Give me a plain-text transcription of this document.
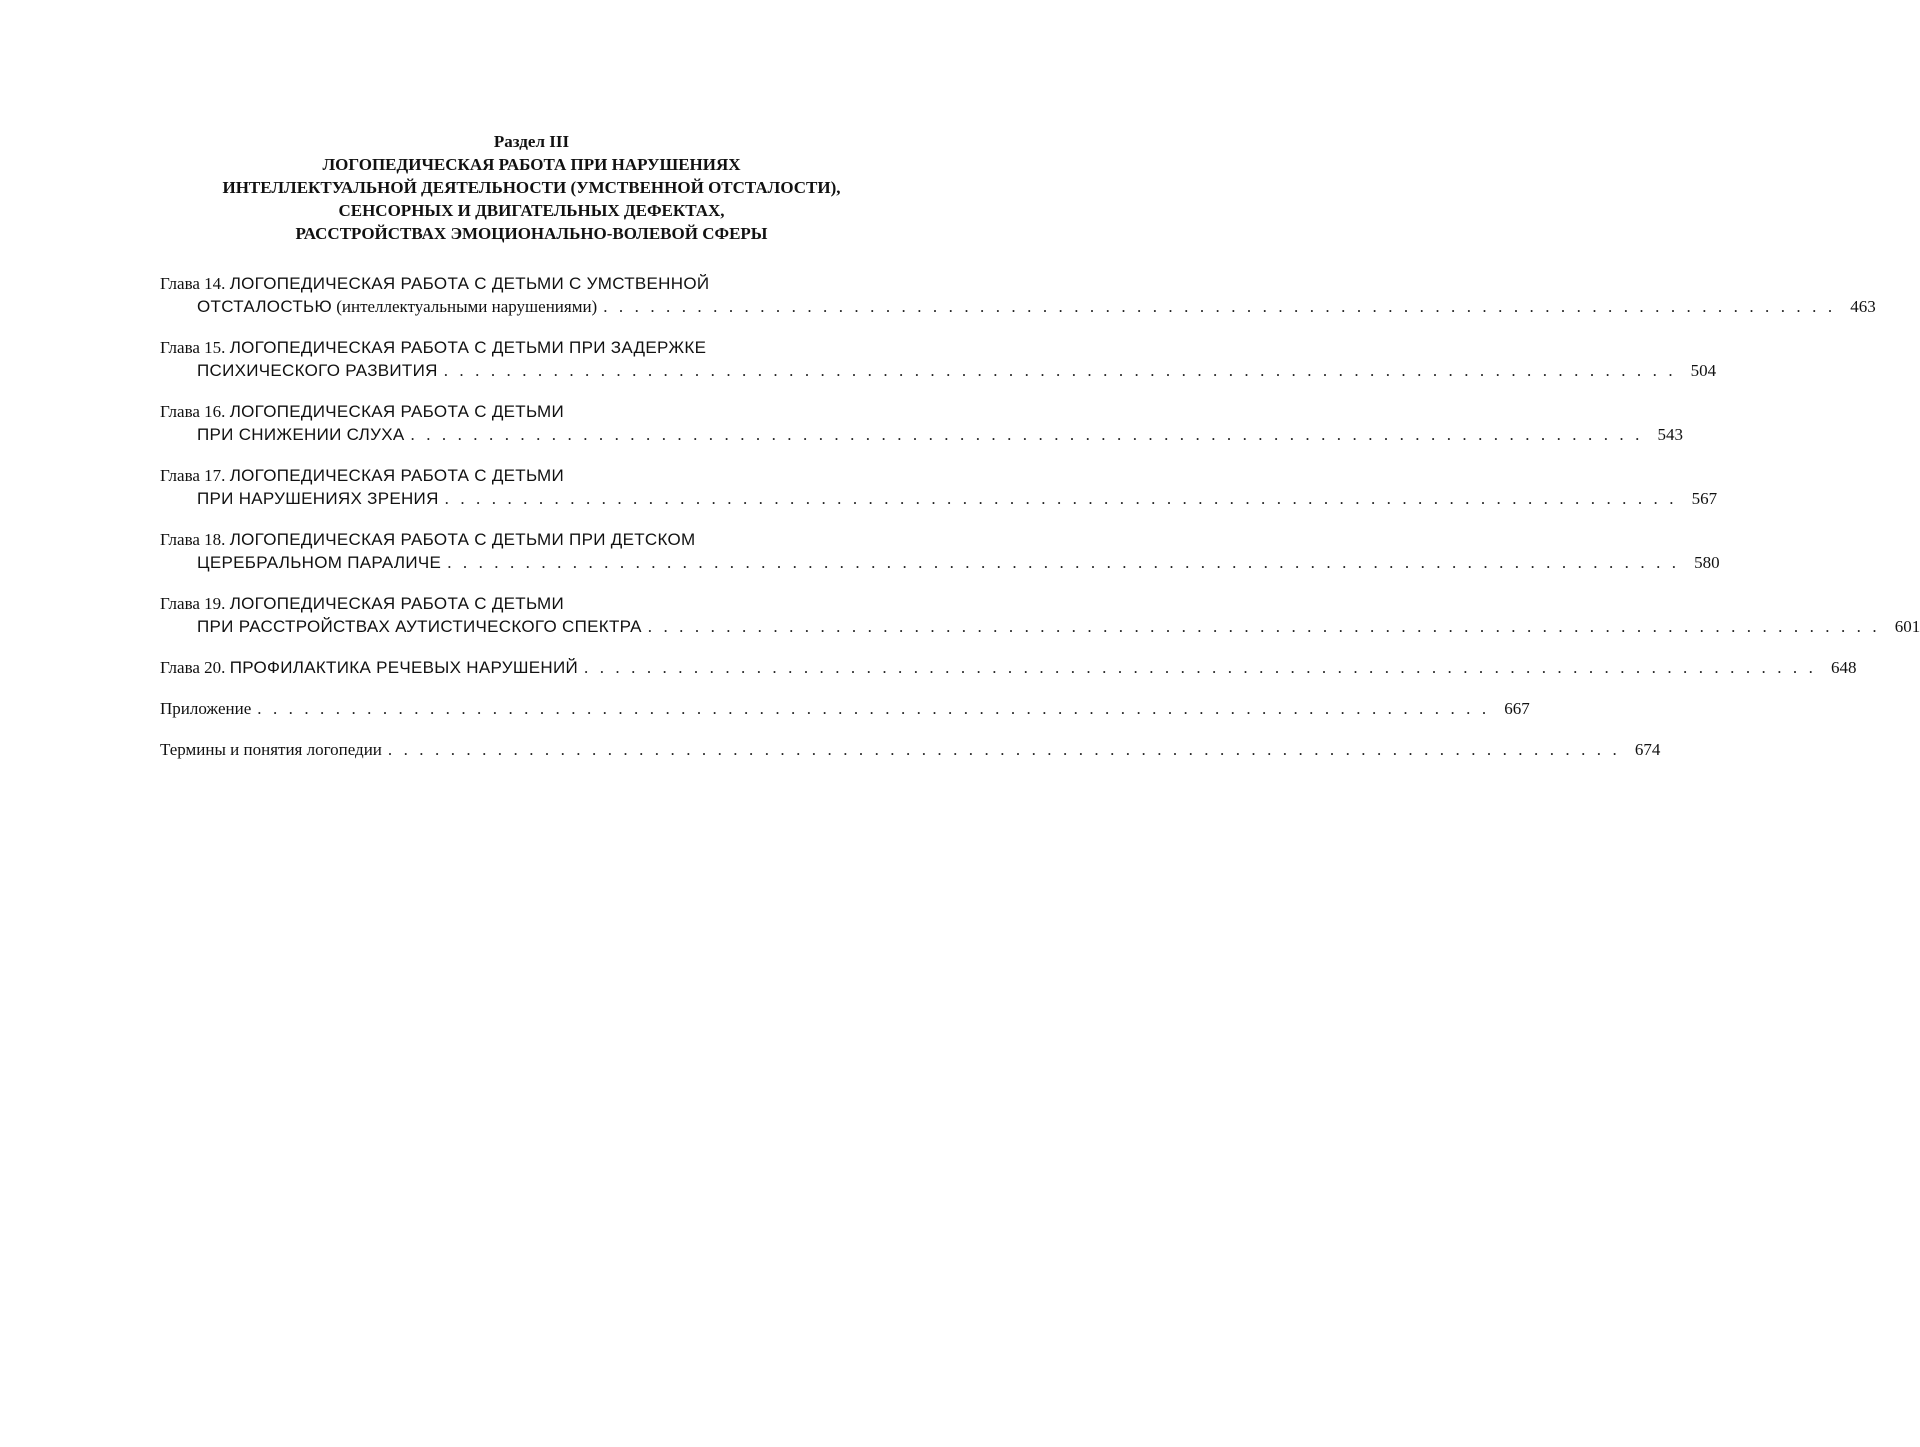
Раздел III
ЛОГОПЕДИЧЕСКАЯ РАБОТА ПРИ НАРУШЕНИЯХ
ИНТЕЛЛЕКТУАЛЬНОЙ ДЕЯТЕЛЬНОСТИ (УМСТВЕННОЙ ОТСТАЛОСТИ),
СЕНСОРНЫХ И ДВИГАТЕЛЬНЫХ ДЕФЕКТАХ,
РАССТРОЙСТВАХ ЭМОЦИОНАЛЬНО-ВОЛЕВОЙ СФЕРЫ
Глава 14. ЛОГОПЕДИЧЕСКАЯ РАБОТА С ДЕТЬМИ С УМСТВЕННОЙ
ОТСТАЛОСТЬЮ (интеллектуальными нарушениями) . . . . . . . . . . . . . . . . . . . . . . . . . . . . . . . . . . . . . . . . . . . . . . . . . . . . . . . . . . . . . . . . . . . . . . . . . . . . . . . 463
Глава 15. ЛОГОПЕДИЧЕСКАЯ РАБОТА С ДЕТЬМИ ПРИ ЗАДЕРЖКЕ
ПСИХИЧЕСКОГО РАЗВИТИЯ . . . . . . . . . . . . . . . . . . . . . . . . . . . . . . . . . . . . . . . . . . . . . . . . . . . . . . . . . . . . . . . . . . . . . . . . . . . . . . . 504
Глава 16. ЛОГОПЕДИЧЕСКАЯ РАБОТА С ДЕТЬМИ
ПРИ СНИЖЕНИИ СЛУХА . . . . . . . . . . . . . . . . . . . . . . . . . . . . . . . . . . . . . . . . . . . . . . . . . . . . . . . . . . . . . . . . . . . . . . . . . . . . . . . 543
Глава 17. ЛОГОПЕДИЧЕСКАЯ РАБОТА С ДЕТЬМИ
ПРИ НАРУШЕНИЯХ ЗРЕНИЯ . . . . . . . . . . . . . . . . . . . . . . . . . . . . . . . . . . . . . . . . . . . . . . . . . . . . . . . . . . . . . . . . . . . . . . . . . . . . . . . 567
Глава 18. ЛОГОПЕДИЧЕСКАЯ РАБОТА С ДЕТЬМИ ПРИ ДЕТСКОМ
ЦЕРЕБРАЛЬНОМ ПАРАЛИЧЕ . . . . . . . . . . . . . . . . . . . . . . . . . . . . . . . . . . . . . . . . . . . . . . . . . . . . . . . . . . . . . . . . . . . . . . . . . . . . . . . 580
Глава 19. ЛОГОПЕДИЧЕСКАЯ РАБОТА С ДЕТЬМИ
ПРИ РАССТРОЙСТВАХ АУТИСТИЧЕСКОГО СПЕКТРА . . . . . . . . . . . . . . . . . . . . . . . . . . . . . . . . . . . . . . . . . . . . . . . . . . . . . . . . . . . . . . . . . . . . . . . . . . . . . . . 601
Глава 20. ПРОФИЛАКТИКА РЕЧЕВЫХ НАРУШЕНИЙ . . . . . . . . . . . . . . . . . . . . . . . . . . . . . . . . . . . . . . . . . . . . . . . . . . . . . . . . . . . . . . . . . . . . . . . . . . . . . . . 648
Приложение . . . . . . . . . . . . . . . . . . . . . . . . . . . . . . . . . . . . . . . . . . . . . . . . . . . . . . . . . . . . . . . . . . . . . . . . . . . . . . . 667
Термины и понятия логопедии . . . . . . . . . . . . . . . . . . . . . . . . . . . . . . . . . . . . . . . . . . . . . . . . . . . . . . . . . . . . . . . . . . . . . . . . . . . . . . . 674
